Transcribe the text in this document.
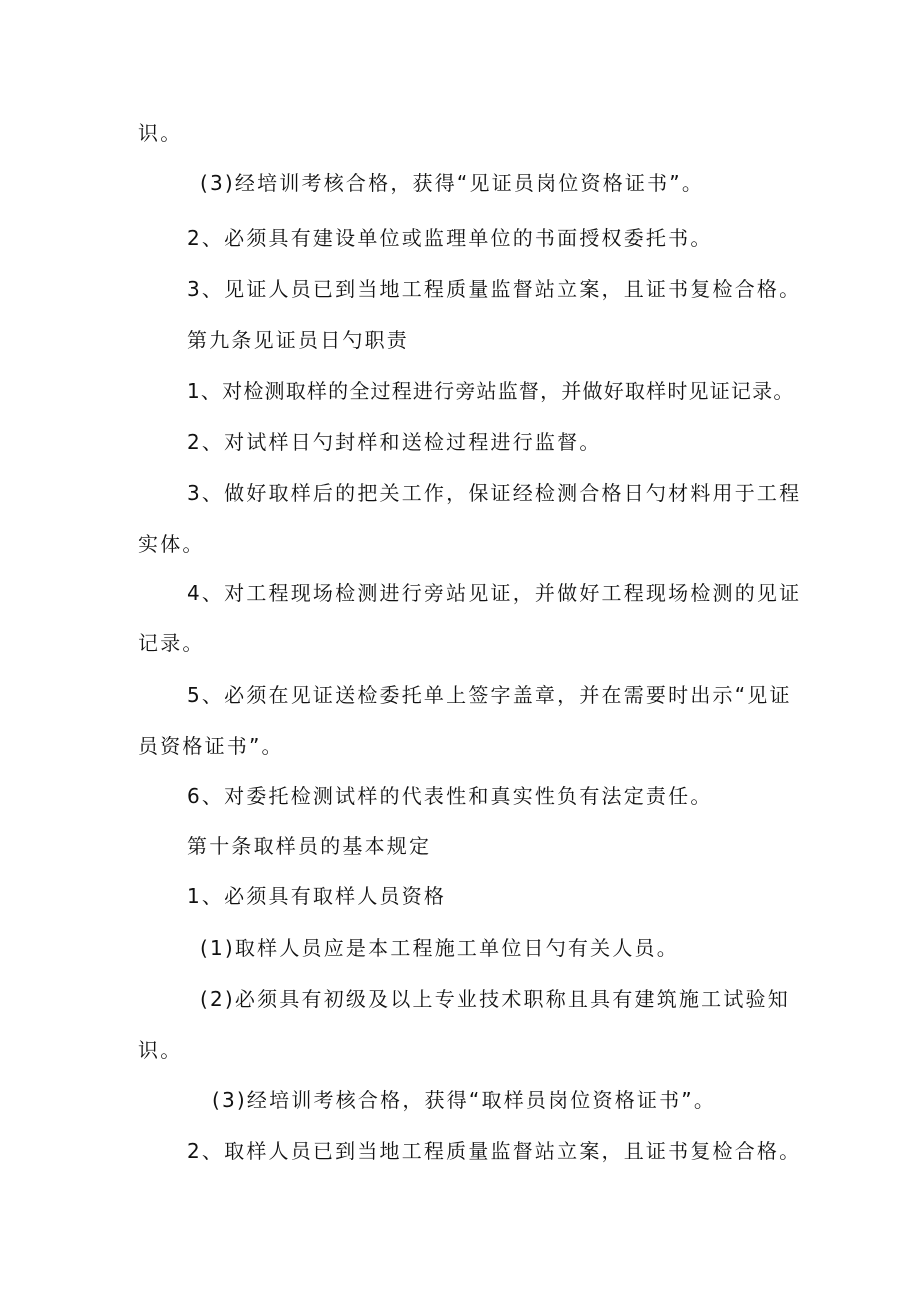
识。

(3)经培训考核合格，获得“见证员岗位资格证书”。

2、必须具有建设单位或监理单位的书面授权委托书。

3、见证人员已到当地工程质量监督站立案，且证书复检合格。

第九条见证员日勺职责

1、对检测取样的全过程进行旁站监督，并做好取样时见证记录。

2、对试样日勺封样和送检过程进行监督。

3、做好取样后的把关工作，保证经检测合格日勺材料用于工程

实体。

4、对工程现场检测进行旁站见证，并做好工程现场检测的见证

记录。

5、必须在见证送检委托单上签字盖章，并在需要时出示“见证

员资格证书”。

6、对委托检测试样的代表性和真实性负有法定责任。

第十条取样员的基本规定

1、必须具有取样人员资格

(1)取样人员应是本工程施工单位日勺有关人员。

(2)必须具有初级及以上专业技术职称且具有建筑施工试验知

识。

(3)经培训考核合格，获得“取样员岗位资格证书”。

2、取样人员已到当地工程质量监督站立案，且证书复检合格。
